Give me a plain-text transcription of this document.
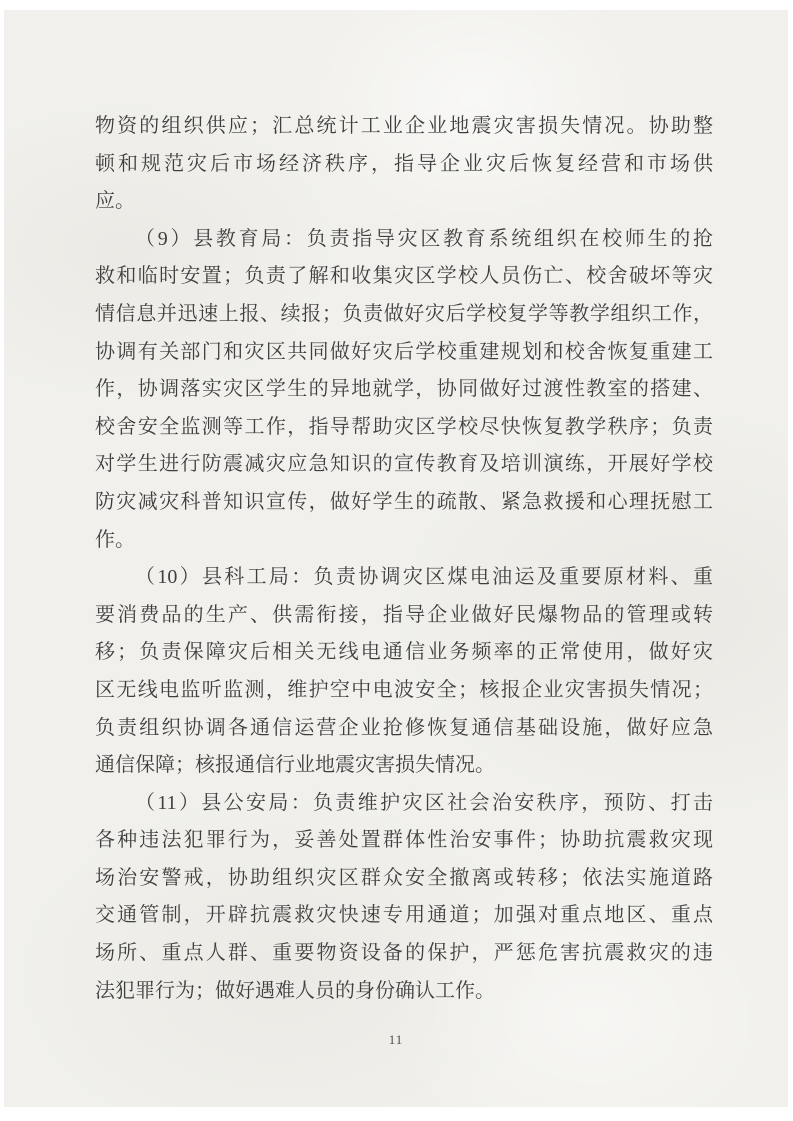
物资的组织供应；汇总统计工业企业地震灾害损失情况。协助整
顿和规范灾后市场经济秩序，指导企业灾后恢复经营和市场供
应。
（9）县教育局：负责指导灾区教育系统组织在校师生的抢
救和临时安置；负责了解和收集灾区学校人员伤亡、校舍破坏等灾
情信息并迅速上报、续报；负责做好灾后学校复学等教学组织工作，
协调有关部门和灾区共同做好灾后学校重建规划和校舍恢复重建工
作，协调落实灾区学生的异地就学，协同做好过渡性教室的搭建、
校舍安全监测等工作，指导帮助灾区学校尽快恢复教学秩序；负责
对学生进行防震减灾应急知识的宣传教育及培训演练，开展好学校
防灾减灾科普知识宣传，做好学生的疏散、紧急救援和心理抚慰工
作。
（10）县科工局：负责协调灾区煤电油运及重要原材料、重
要消费品的生产、供需衔接，指导企业做好民爆物品的管理或转
移；负责保障灾后相关无线电通信业务频率的正常使用，做好灾
区无线电监听监测，维护空中电波安全；核报企业灾害损失情况；
负责组织协调各通信运营企业抢修恢复通信基础设施，做好应急
通信保障；核报通信行业地震灾害损失情况。
（11）县公安局：负责维护灾区社会治安秩序，预防、打击
各种违法犯罪行为，妥善处置群体性治安事件；协助抗震救灾现
场治安警戒，协助组织灾区群众安全撤离或转移；依法实施道路
交通管制，开辟抗震救灾快速专用通道；加强对重点地区、重点
场所、重点人群、重要物资设备的保护，严惩危害抗震救灾的违
法犯罪行为；做好遇难人员的身份确认工作。
11
